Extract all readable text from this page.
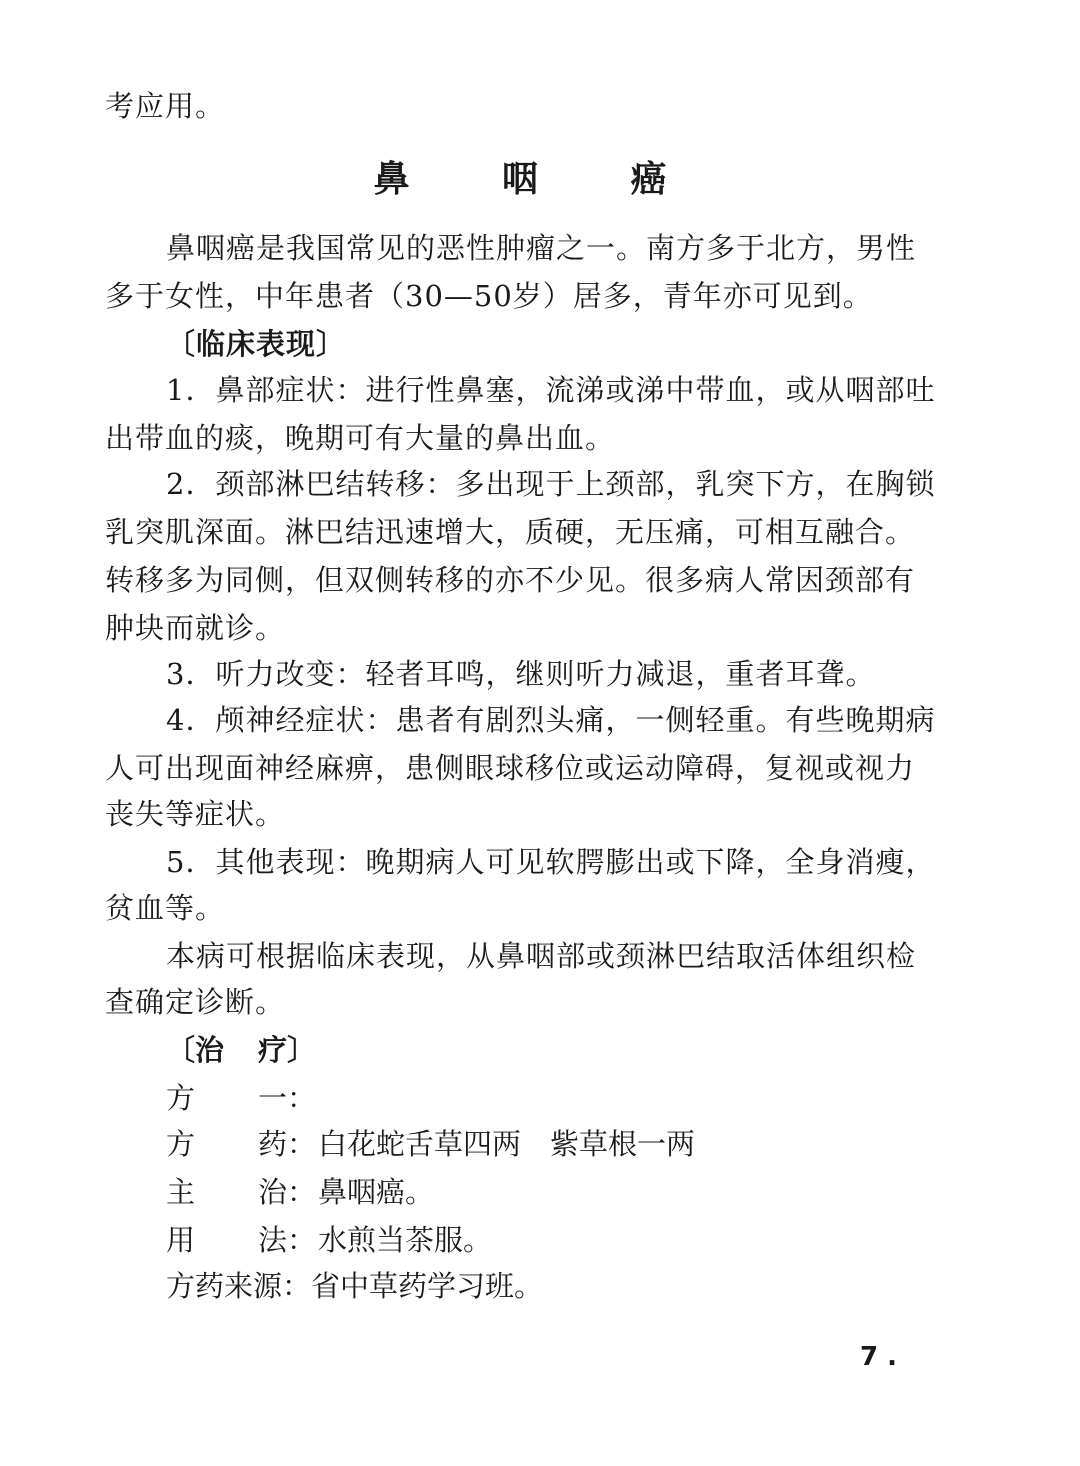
考应用。
鼻 咽 癌
鼻咽癌是我国常见的恶性肿瘤之一。南方多于北方，男性
多于女性，中年患者（30—50岁）居多，青年亦可见到。
〔临床表现〕
1．鼻部症状：进行性鼻塞，流涕或涕中带血，或从咽部吐
出带血的痰，晚期可有大量的鼻出血。
2．颈部淋巴结转移：多出现于上颈部，乳突下方，在胸锁
乳突肌深面。淋巴结迅速增大，质硬，无压痛，可相互融合。
转移多为同侧，但双侧转移的亦不少见。很多病人常因颈部有
肿块而就诊。
3．听力改变：轻者耳鸣，继则听力减退，重者耳聋。
4．颅神经症状：患者有剧烈头痛，一侧轻重。有些晚期病
人可出现面神经麻痹，患侧眼球移位或运动障碍，复视或视力
丧失等症状。
5．其他表现：晚期病人可见软腭膨出或下降，全身消瘦，
贫血等。
本病可根据临床表现，从鼻咽部或颈淋巴结取活体组织检
查确定诊断。
〔治 疗〕
方 一：
方 药：白花蛇舌草四两　紫草根一两
主 治：鼻咽癌。
用 法：水煎当茶服。
方药来源：省中草药学习班。
7 .
